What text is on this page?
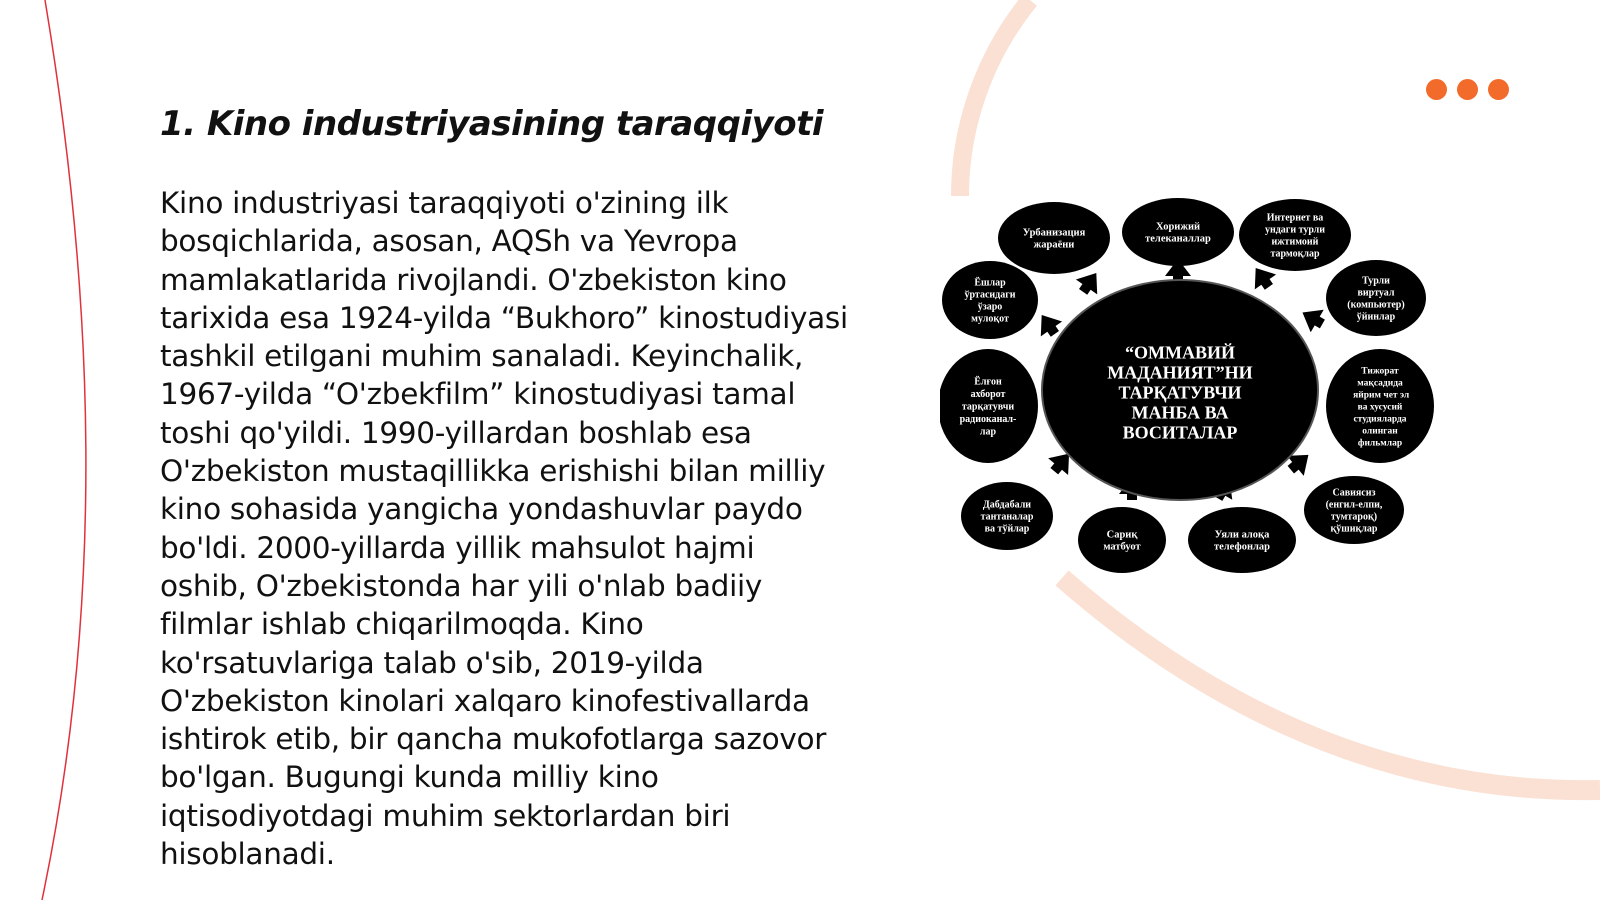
1. Kino industriyasining taraqqiyoti

Kino industriyasi taraqqiyoti o'zining ilk bosqichlarida, asosan, AQSh va Yevropa mamlakatlarida rivojlandi. O'zbekiston kino tarixida esa 1924-yilda “Bukhoro” kinostudiyasi tashkil etilgani muhim sanaladi. Keyinchalik, 1967-yilda “O'zbekfilm” kinostudiyasi tamal toshi qo'yildi. 1990-yillardan boshlab esa O'zbekiston mustaqillikka erishishi bilan milliy kino sohasida yangicha yondashuvlar paydo bo'ldi. 2000-yillarda yillik mahsulot hajmi oshib, O'zbekistonda har yili o'nlab badiiy filmlar ishlab chiqarilmoqda. Kino ko'rsatuvlariga talab o'sib, 2019-yilda O'zbekiston kinolari xalqaro kinofestivallarda ishtirok etib, bir qancha mukofotlarga sazovor bo'lgan. Bugungi kunda milliy kino iqtisodiyotdagi muhim sektorlardan biri hisoblanadi.

“ОММАВИЙ МАДАНИЯТ”НИ ТАРҚАТУВЧИ МАНБА ВА ВОСИТАЛАР
Урбанизация жараёни
Хорижий телеканаллар
Интернет ва ундаги турли ижтимоий тармоқлар
Турли виртуал (компьютер) ўйинлар
Тижорат мақсадида яйрим чет эл ва хусусий студияларда олинган фильмлар
Савиясиз (енгил-елпи, тумтароқ) қўшиқлар
Уяли алоқа телефонлар
Сариқ матбуот
Дабдабали тантаналар ва тўйлар
Ёлғон ахборот тарқатувчи радиоканал-лар
Ёшлар ўртасидаги ўзаро мулоқот
